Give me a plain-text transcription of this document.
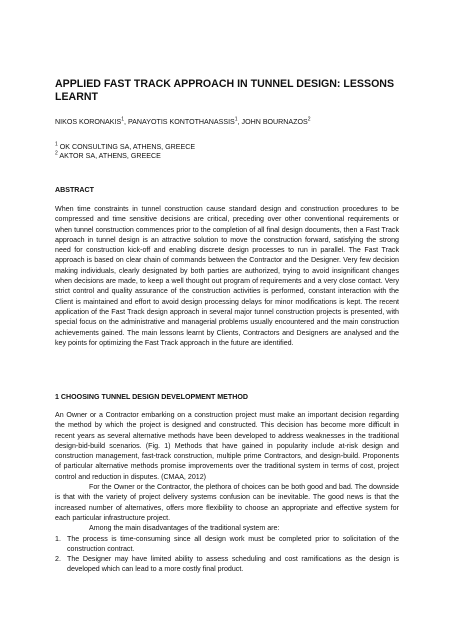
APPLIED FAST TRACK APPROACH IN TUNNEL DESIGN: LESSONS LEARNT

NIKOS KORONAKIS$^1$, PANAYOTIS KONTOTHANASSIS$^1$, JOHN BOURNAZOS$^2$

$^1$ OK CONSULTING SA, ATHENS, GREECE
$^2$ AKTOR SA, ATHENS, GREECE
ABSTRACT

When time constraints in tunnel construction cause standard design and construction procedures to be compressed and time sensitive decisions are critical, preceding over other conventional requirements or when tunnel construction commences prior to the completion of all final design documents, then a Fast Track approach in tunnel design is an attractive solution to move the construction forward, satisfying the strong need for construction kick-off and enabling discrete design processes to run in parallel. The Fast Track approach is based on clear chain of commands between the Contractor and the Designer. Very few decision making individuals, clearly designated by both parties are authorized, trying to avoid insignificant changes when decisions are made, to keep a well thought out program of requirements and a very close contact. Very strict control and quality assurance of the construction activities is performed, constant interaction with the Client is maintained and effort to avoid design processing delays for minor modifications is kept. The recent application of the Fast Track design approach in several major tunnel construction projects is presented, with special focus on the administrative and managerial problems usually encountered and the main construction achievements gained. The main lessons learnt by Clients, Contractors and Designers are analysed and the key points for optimizing the Fast Track approach in the future are identified.

1 CHOOSING TUNNEL DESIGN DEVELOPMENT METHOD

An Owner or a Contractor embarking on a construction project must make an important decision regarding the method by which the project is designed and constructed. This decision has become more difficult in recent years as several alternative methods have been developed to address weaknesses in the traditional design-bid-build scenarios. (Fig. 1) Methods that have gained in popularity include at-risk design and construction management, fast-track construction, multiple prime Contractors, and design-build. Proponents of particular alternative methods promise improvements over the traditional system in terms of cost, project control and reduction in disputes. (CMAA, 2012)

For the Owner or the Contractor, the plethora of choices can be both good and bad. The downside is that with the variety of project delivery systems confusion can be inevitable. The good news is that the increased number of alternatives, offers more flexibility to choose an appropriate and effective system for each particular infrastructure project.

Among the main disadvantages of the traditional system are:

1. The process is time-consuming since all design work must be completed prior to solicitation of the construction contract.
2. The Designer may have limited ability to assess scheduling and cost ramifications as the design is developed which can lead to a more costly final product.
